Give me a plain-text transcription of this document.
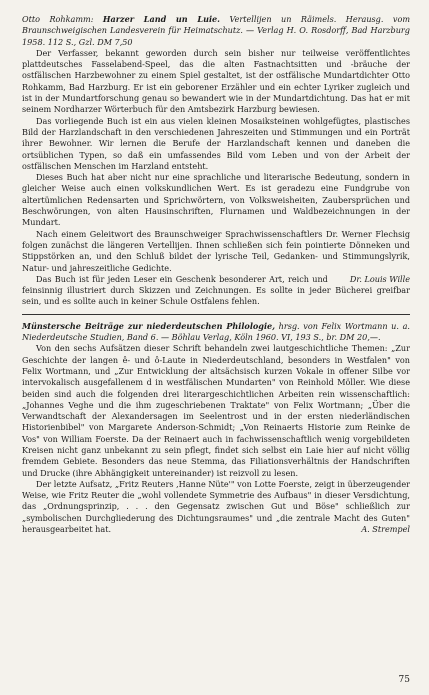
Otto Rohkamm: Harzer Land un Luie. Vertellijen un Räimels. Herausg. vom Braunschweigischen Landesverein für Heimatschutz. — Verlag H. O. Rosdorff, Bad Harzburg 1958. 112 S., Gzl. DM 7,50

Der Verfasser, bekannt geworden durch sein bisher nur teilweise veröffentlichtes plattdeutsches Fasselabend-Speel, das die alten Fastnachtsitten und -bräuche der ostfälischen Harzbewohner zu einem Spiel gestaltet, ist der ostfälische Mundartdichter Otto Rohkamm, Bad Harzburg. Er ist ein geborener Erzähler und ein echter Lyriker zugleich und ist in der Mundartforschung genau so bewandert wie in der Mundartdichtung. Das hat er mit seinem Nordharzer Wörterbuch für den Amtsbezirk Harzburg bewiesen.

Das vorliegende Buch ist ein aus vielen kleinen Mosaiksteinen wohlgefügtes, plastisches Bild der Harzlandschaft in den verschiedenen Jahreszeiten und Stimmungen und ein Porträt ihrer Bewohner. Wir lernen die Berufe der Harzlandschaft kennen und daneben die ortsüblichen Typen, so daß ein umfassendes Bild vom Leben und von der Arbeit der ostfälischen Menschen im Harzland entsteht.

Dieses Buch hat aber nicht nur eine sprachliche und literarische Bedeutung, sondern in gleicher Weise auch einen volkskundlichen Wert. Es ist geradezu eine Fundgrube von altertümlichen Redensarten und Sprichwörtern, von Volksweisheiten, Zaubersprüchen und Beschwörungen, von alten Hausinschriften, Flurnamen und Waldbezeichnungen in der Mundart.

Nach einem Geleitwort des Braunschweiger Sprachwissenschaftlers Dr. Werner Flechsig folgen zunächst die längeren Vertellijen. Ihnen schließen sich fein pointierte Dönneken und Stippstörken an, und den Schluß bildet der lyrische Teil, Gedanken- und Stimmungslyrik, Natur- und jahreszeitliche Gedichte.

Dr. Louis Wille
Das Buch ist für jeden Leser ein Geschenk besonderer Art, reich und feinsinnig illustriert durch Skizzen und Zeichnungen. Es sollte in jeder Bücherei greifbar sein, und es sollte auch in keiner Schule Ostfalens fehlen.

Münstersche Beiträge zur niederdeutschen Philologie, hrsg. von Felix Wortmann u. a. Niederdeutsche Studien, Band 6. — Böhlau Verlag, Köln 1960. VI, 193 S., br. DM 20,—.

Von den sechs Aufsätzen dieser Schrift behandeln zwei lautgeschichtliche Themen: „Zur Geschichte der langen ê- und ô-Laute in Niederdeutschland, besonders in Westfalen" von Felix Wortmann, und „Zur Entwicklung der altsächsisch kurzen Vokale in offener Silbe vor intervokalisch ausgefallenem d in westfälischen Mundarten" von Reinhold Möller. Wie diese beiden sind auch die folgenden drei literargeschichtlichen Arbeiten rein wissenschaftlich: „Johannes Veghe und die ihm zugeschriebenen Traktate" von Felix Wortmann; „Über die Verwandtschaft der Alexandersagen im Seelentrost und in der ersten niederländischen Historienbibel" von Margarete Anderson-Schmidt; „Von Reinaerts Historie zum Reinke de Vos" von William Foerste. Da der Reinaert auch in fachwissenschaftlich wenig vorgebildeten Kreisen nicht ganz unbekannt zu sein pflegt, findet sich selbst ein Laie hier auf nicht völlig fremdem Gebiete. Besonders das neue Stemma, das Filiationsverhältnis der Handschriften und Drucke (ihre Abhängigkeit untereinander) ist reizvoll zu lesen.

Der letzte Aufsatz, „Fritz Reuters ‚Hanne Nüte'" von Lotte Foerste, zeigt in überzeugender Weise, wie Fritz Reuter die „wohl vollendete Symmetrie des Aufbaus" in dieser Versdichtung, das „Ordnungsprinzip, . . . den Gegensatz zwischen Gut und Böse" schließlich zur „symbolischen Durchgliederung des Dichtungsraumes" und „die zentrale Macht des Guten" herausgearbeitet hat.	A. Strempel

75
